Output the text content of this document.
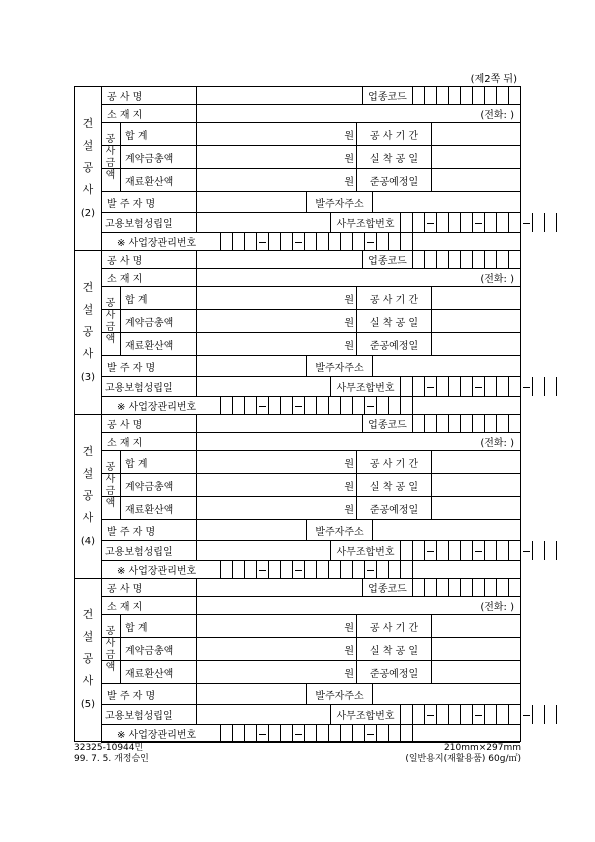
(제2쪽 뒤)
건
설
공
사
(2)
공 사 명	업종코드
소 재 지	(전화: )
합 계	원	공 사 기 간
계약금총액	원	실 착 공 일
재료환산액	원	준공예정일
발 주 자 명	발주자주소
고용보험성립일	사무조합번호
※ 사업장관리번호
공
사
금
액
건
설
공
사
(3)
공 사 명	업종코드
소 재 지	(전화: )
합 계	원	공 사 기 간
계약금총액	원	실 착 공 일
재료환산액	원	준공예정일
발 주 자 명	발주자주소
고용보험성립일	사무조합번호
※ 사업장관리번호
공
사
금
액
건
설
공
사
(4)
공 사 명	업종코드
소 재 지	(전화: )
합 계	원	공 사 기 간
계약금총액	원	실 착 공 일
재료환산액	원	준공예정일
발 주 자 명	발주자주소
고용보험성립일	사무조합번호
※ 사업장관리번호
공
사
금
액
건
설
공
사
(5)
공 사 명	업종코드
소 재 지	(전화: )
합 계	원	공 사 기 간
계약금총액	원	실 착 공 일
재료환산액	원	준공예정일
발 주 자 명	발주자주소
고용보험성립일	사무조합번호
※ 사업장관리번호
공
사
금
액
32325-10944민
99. 7. 5. 개정승인
210mm×297mm
(일반용지(재활용품) 60g/㎡)
